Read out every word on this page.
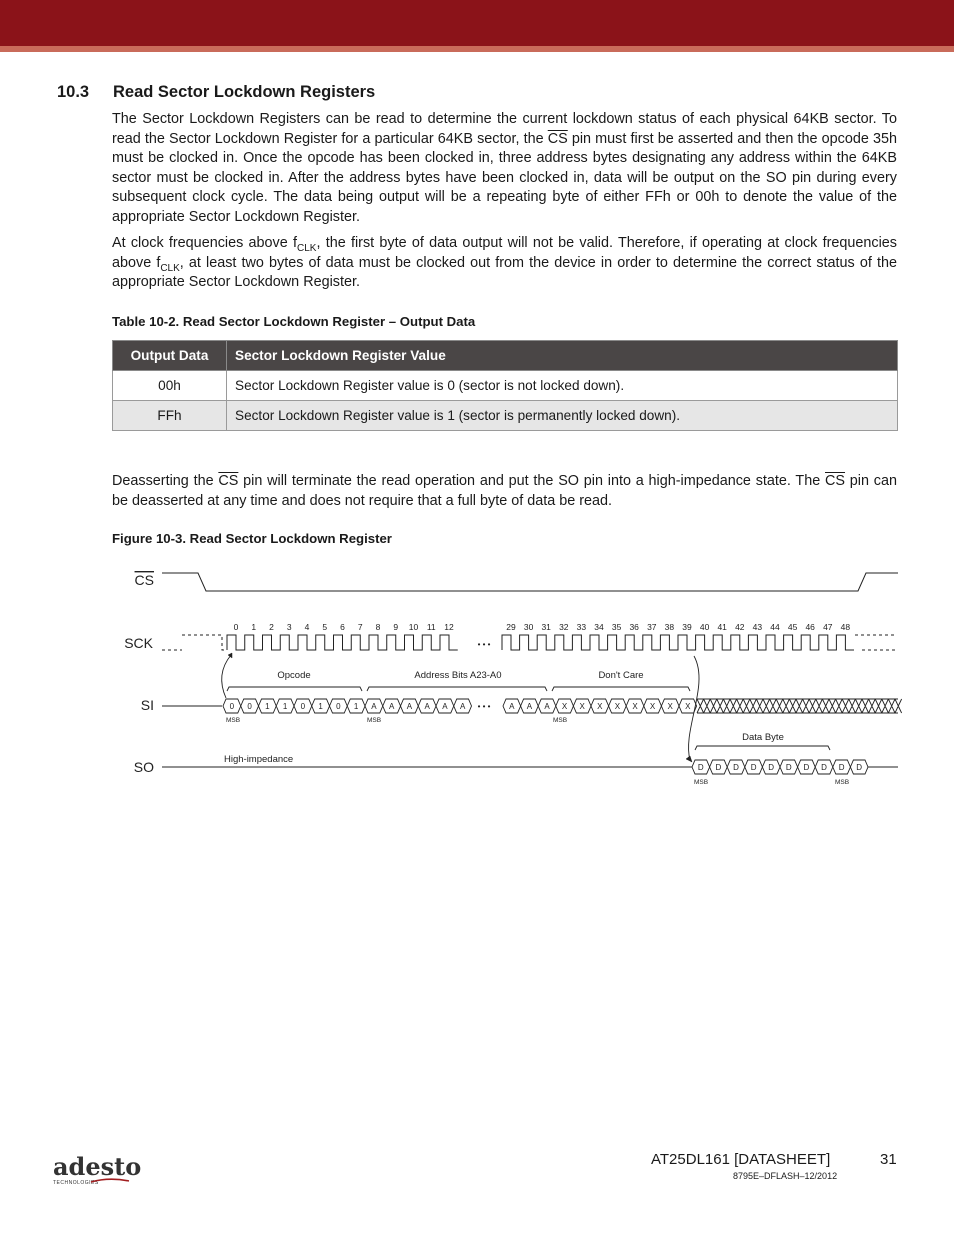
10.3 Read Sector Lockdown Registers

The Sector Lockdown Registers can be read to determine the current lockdown status of each physical 64KB sector. To read the Sector Lockdown Register for a particular 64KB sector, the $\overline{CS}$ pin must first be asserted and then the opcode 35h must be clocked in. Once the opcode has been clocked in, three address bytes designating any address within the 64KB sector must be clocked in. After the address bytes have been clocked in, data will be output on the SO pin during every subsequent clock cycle. The data being output will be a repeating byte of either FFh or 00h to denote the value of the appropriate Sector Lockdown Register.

At clock frequencies above $f_{CLK}$, the first byte of data output will not be valid. Therefore, if operating at clock frequencies above $f_{CLK}$, at least two bytes of data must be clocked out from the device in order to determine the correct status of the appropriate Sector Lockdown Register.

Table 10-2. Read Sector Lockdown Register – Output Data
Output Data	Sector Lockdown Register Value
00h	Sector Lockdown Register value is 0 (sector is not locked down).
FFh	Sector Lockdown Register value is 1 (sector is permanently locked down).

Deasserting the $\overline{CS}$ pin will terminate the read operation and put the SO pin into a high-impedance state. The $\overline{CS}$ pin can be deasserted at any time and does not require that a full byte of data be read.

Figure 10-3. Read Sector Lockdown Register
CS
SCK
SI
SO
0 1 2 3 4 5 6 7 8 9 10 11 12	29 30 31 32 33 34 35 36 37 38 39 40 41 42 43 44 45 46 47 48
• • •
0 0 1 1 0 1 0 1 A A A A A A	A A A X X X X X X X X
• • •
MSB	MSB	MSB
Opcode	Address Bits A23-A0	Don't Care
Data Byte
High-impedance
D D D D D D D D D D
MSB	MSB
adesto
TECHNOLOGIES
AT25DL161 [DATASHEET]	31
8795E–DFLASH–12/2012
